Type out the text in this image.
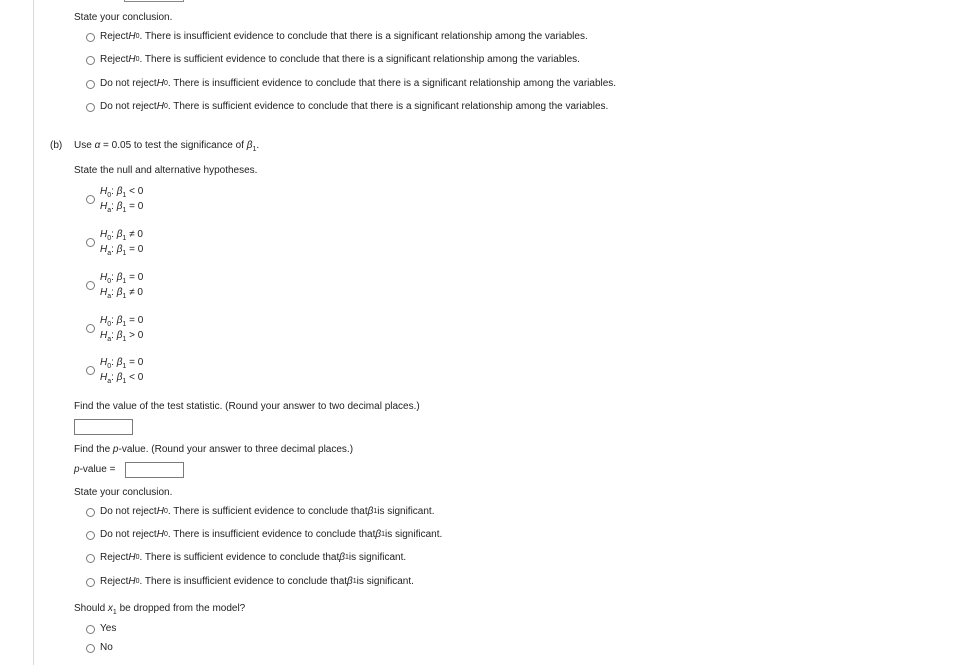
State your conclusion.
Reject H 0 . There is insufficient evidence to conclude that there is a significant relationship among the variables.
Reject H 0 . There is sufficient evidence to conclude that there is a significant relationship among the variables.
Do not reject H 0 . There is insufficient evidence to conclude that there is a significant relationship among the variables.
Do not reject H 0 . There is sufficient evidence to conclude that there is a significant relationship among the variables.
(b) Use α = 0.05 to test the significance of $\beta_1$.
State the null and alternative hypotheses.
$H_0$: $\beta_1 < 0$
$H_a$: $\beta_1 = 0$
$H_0$: $\beta_1 \ne 0$
$H_a$: $\beta_1 = 0$
$H_0$: $\beta_1 = 0$
$H_a$: $\beta_1 \ne 0$
$H_0$: $\beta_1 = 0$
$H_a$: $\beta_1 > 0$
$H_0$: $\beta_1 = 0$
$H_a$: $\beta_1 < 0$
Find the value of the test statistic. (Round your answer to two decimal places.)
Find the p-value. (Round your answer to three decimal places.)
p-value =
State your conclusion.
Do not reject H 0 . There is sufficient evidence to conclude that β 1 is significant.
Do not reject H 0 . There is insufficient evidence to conclude that β 1 is significant.
Reject H 0 . There is sufficient evidence to conclude that β 1 is significant.
Reject H 0 . There is insufficient evidence to conclude that β 1 is significant.
Should $x_1$ be dropped from the model?
Yes
No
